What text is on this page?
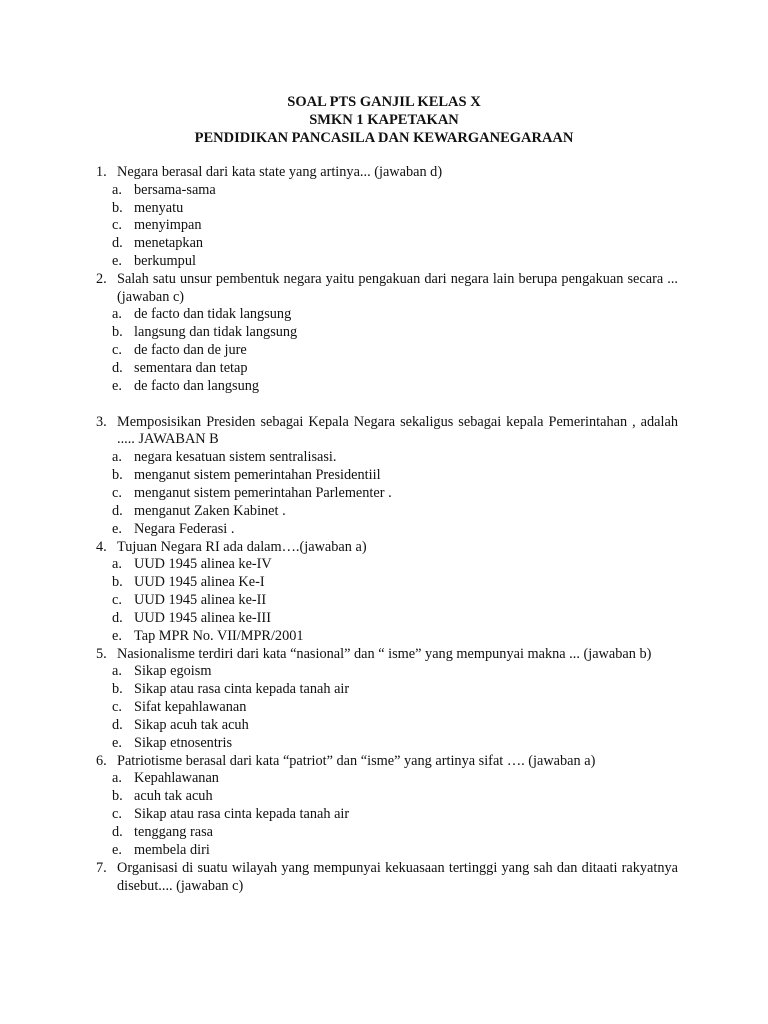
SOAL PTS GANJIL KELAS X
SMKN 1 KAPETAKAN
PENDIDIKAN PANCASILA DAN KEWARGANEGARAAN
1. Negara berasal dari kata state yang artinya... (jawaban d)
a. bersama-sama
b. menyatu
c. menyimpan
d. menetapkan
e. berkumpul
2. Salah satu unsur pembentuk negara yaitu pengakuan dari negara lain berupa pengakuan secara ... (jawaban c)
a. de facto dan tidak langsung
b. langsung dan tidak langsung
c. de facto dan de jure
d. sementara dan tetap
e. de facto dan langsung
3. Memposisikan Presiden sebagai Kepala Negara sekaligus sebagai kepala Pemerintahan , adalah ..... JAWABAN B
a. negara kesatuan sistem sentralisasi.
b. menganut sistem pemerintahan Presidentiil
c. menganut sistem pemerintahan Parlementer .
d. menganut Zaken Kabinet .
e. Negara Federasi .
4. Tujuan Negara RI ada dalam….(jawaban a)
a. UUD 1945 alinea ke-IV
b. UUD 1945 alinea Ke-I
c. UUD 1945 alinea ke-II
d. UUD 1945 alinea ke-III
e. Tap MPR No. VII/MPR/2001
5. Nasionalisme terdiri dari kata “nasional” dan “ isme” yang mempunyai makna ... (jawaban b)
a. Sikap egoism
b. Sikap atau rasa cinta kepada tanah air
c. Sifat kepahlawanan
d. Sikap acuh tak acuh
e. Sikap etnosentris
6. Patriotisme berasal dari kata “patriot” dan “isme” yang artinya sifat …. (jawaban a)
a. Kepahlawanan
b. acuh tak acuh
c. Sikap atau rasa cinta kepada tanah air
d. tenggang rasa
e. membela diri
7. Organisasi di suatu wilayah yang mempunyai kekuasaan tertinggi yang sah dan ditaati rakyatnya disebut.... (jawaban c)
